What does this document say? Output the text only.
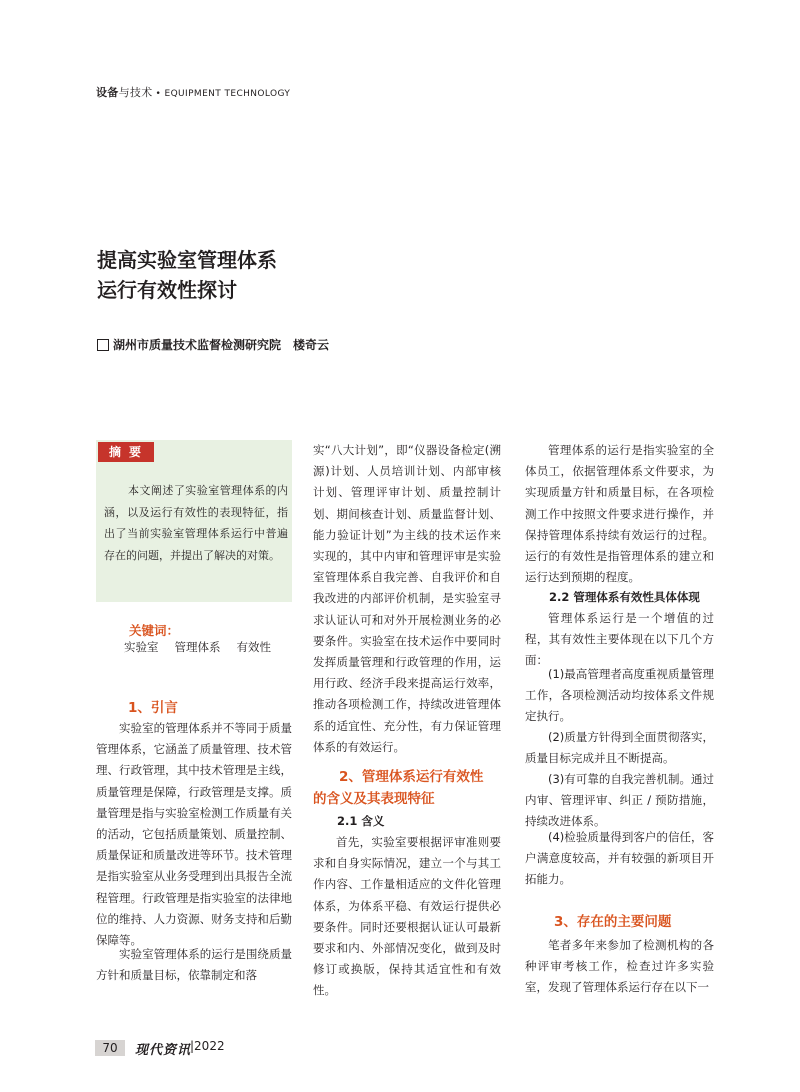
设备与技术 • EQUIPMENT TECHNOLOGY
提高实验室管理体系
运行有效性探讨
湖州市质量技术监督检测研究院 楼奇云
摘要
本文阐述了实验室管理体系的内涵，以及运行有效性的表现特征，指出了当前实验室管理体系运行中普遍存在的问题，并提出了解决的对策。
关键词：
实验室 管理体系 有效性
1、引言
实验室的管理体系并不等同于质量管理体系，它涵盖了质量管理、技术管理、行政管理，其中技术管理是主线，质量管理是保障，行政管理是支撑。质量管理是指与实验室检测工作质量有关的活动，它包括质量策划、质量控制、质量保证和质量改进等环节。技术管理是指实验室从业务受理到出具报告全流程管理。行政管理是指实验室的法律地位的维持、人力资源、财务支持和后勤保障等。
实验室管理体系的运行是围绕质量方针和质量目标，依靠制定和落
实“八大计划”，即“仪器设备检定(溯源)计划、人员培训计划、内部审核计划、管理评审计划、质量控制计划、期间核查计划、质量监督计划、能力验证计划”为主线的技术运作来实现的，其中内审和管理评审是实验室管理体系自我完善、自我评价和自我改进的内部评价机制，是实验室寻求认证认可和对外开展检测业务的必要条件。实验室在技术运作中要同时发挥质量管理和行政管理的作用，运用行政、经济手段来提高运行效率，推动各项检测工作，持续改进管理体系的适宜性、充分性，有力保证管理体系的有效运行。
2、管理体系运行有效性
的含义及其表现特征
2.1 含义
首先，实验室要根据评审准则要求和自身实际情况，建立一个与其工作内容、工作量相适应的文件化管理体系，为体系平稳、有效运行提供必要条件。同时还要根据认证认可最新要求和内、外部情况变化，做到及时修订或换版，保持其适宜性和有效性。
管理体系的运行是指实验室的全体员工，依据管理体系文件要求，为实现质量方针和质量目标，在各项检测工作中按照文件要求进行操作，并保持管理体系持续有效运行的过程。运行的有效性是指管理体系的建立和运行达到预期的程度。
2.2 管理体系有效性具体体现
管理体系运行是一个增值的过程，其有效性主要体现在以下几个方面：
(1)最高管理者高度重视质量管理工作，各项检测活动均按体系文件规定执行。
(2)质量方针得到全面贯彻落实，质量目标完成并且不断提高。
(3)有可靠的自我完善机制。通过内审、管理评审、纠正 / 预防措施，持续改进体系。
(4)检验质量得到客户的信任，客户满意度较高，并有较强的新项目开拓能力。
3、存在的主要问题
笔者多年来参加了检测机构的各种评审考核工作，检查过许多实验室，发现了管理体系运行存在以下一
70	现代资讯
|2022
